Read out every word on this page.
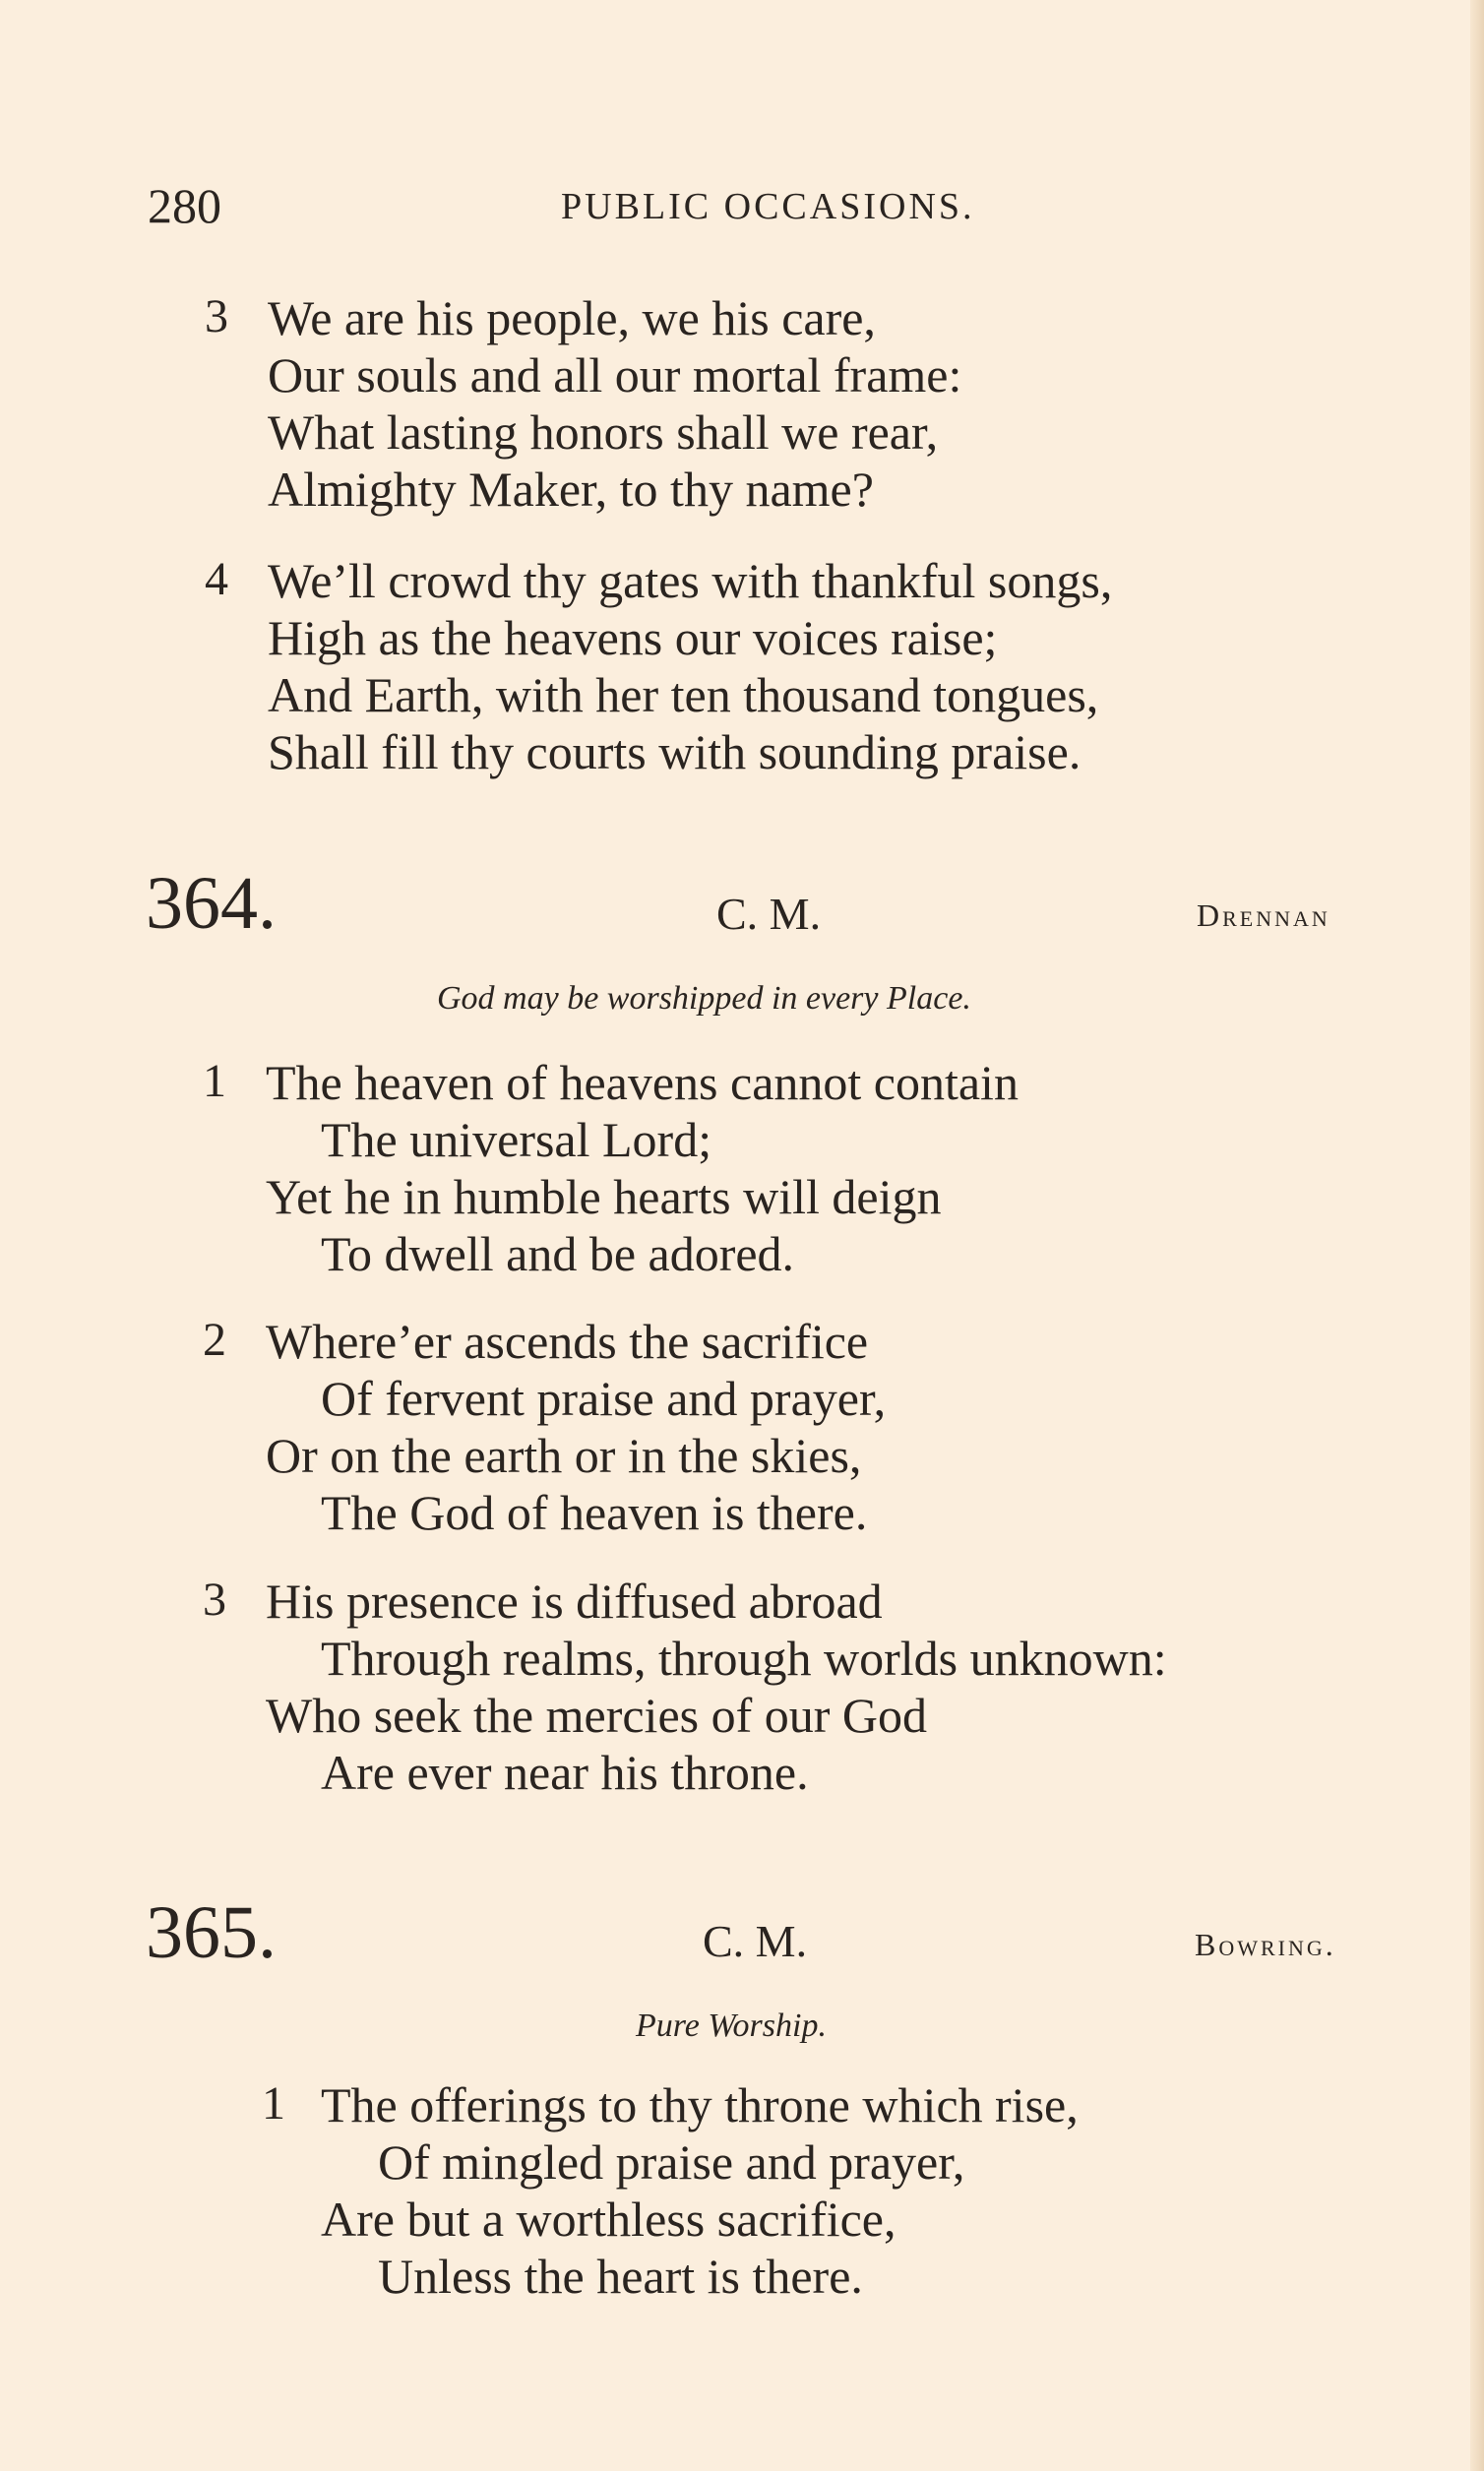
280	PUBLIC OCCASIONS.
3 We are his people, we his care,
Our souls and all our mortal frame:
What lasting honors shall we rear,
Almighty Maker, to thy name?
4 We’ll crowd thy gates with thankful songs,
High as the heavens our voices raise;
And Earth, with her ten thousand tongues,
Shall fill thy courts with sounding praise.
364.	C. M.	Drennan
God may be worshipped in every Place.
1 The heaven of heavens cannot contain
The universal Lord;
Yet he in humble hearts will deign
To dwell and be adored.
2 Where’er ascends the sacrifice
Of fervent praise and prayer,
Or on the earth or in the skies,
The God of heaven is there.
3 His presence is diffused abroad
Through realms, through worlds unknown:
Who seek the mercies of our God
Are ever near his throne.
365.	C. M.	Bowring.
Pure Worship.
1 The offerings to thy throne which rise,
Of mingled praise and prayer,
Are but a worthless sacrifice,
Unless the heart is there.
